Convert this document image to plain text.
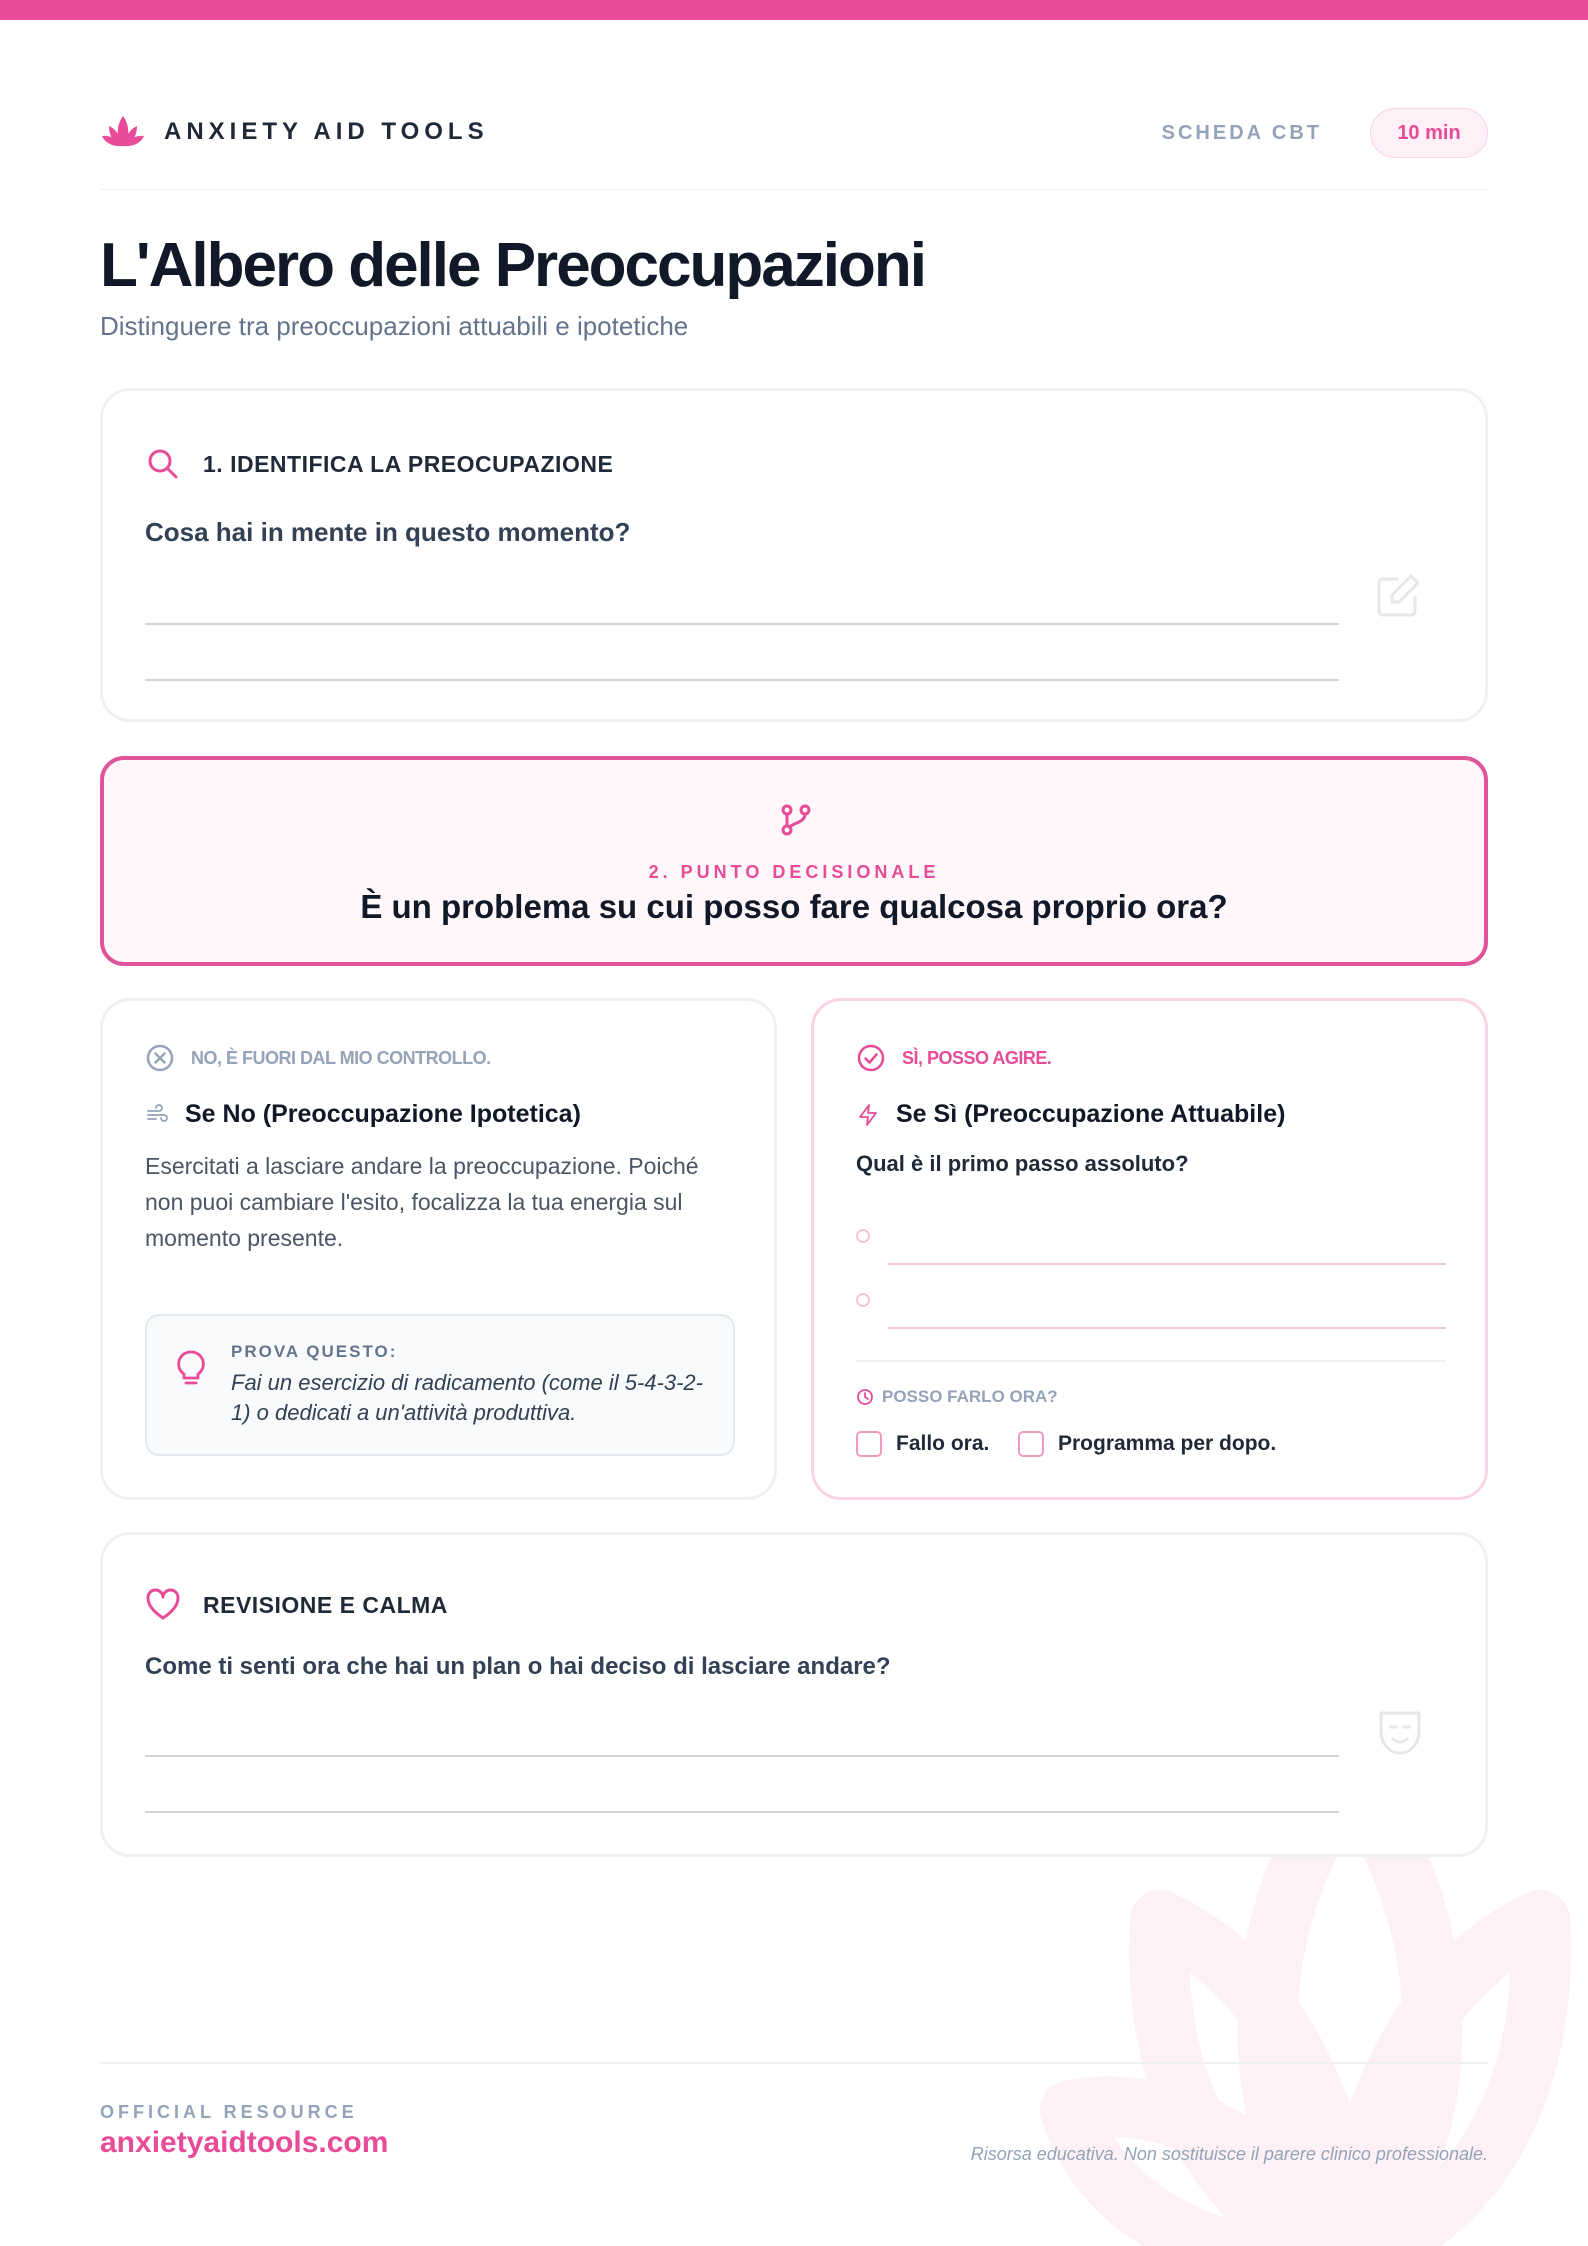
ANXIETY AID TOOLS	SCHEDA CBT	10 min
L'Albero delle Preoccupazioni

Distinguere tra preoccupazioni attuabili e ipotetiche

1. IDENTIFICA LA PREOCUPAZIONE
Cosa hai in mente in questo momento?
2. PUNTO DECISIONALE
È un problema su cui posso fare qualcosa proprio ora?
NO, È FUORI DAL MIO CONTROLLO.
Se No (Preoccupazione Ipotetica)
Esercitati a lasciare andare la preoccupazione. Poiché non puoi cambiare l'esito, focalizza la tua energia sul momento presente.
PROVA QUESTO:
Fai un esercizio di radicamento (come il 5-4-3-2-1) o dedicati a un'attività produttiva.
SÌ, POSSO AGIRE.
Se Sì (Preoccupazione Attuabile)
Qual è il primo passo assoluto?
POSSO FARLO ORA?
Fallo ora.	Programma per dopo.
REVISIONE E CALMA
Come ti senti ora che hai un plan o hai deciso di lasciare andare?
OFFICIAL RESOURCE
anxietyaidtools.com	Risorsa educativa. Non sostituisce il parere clinico professionale.
